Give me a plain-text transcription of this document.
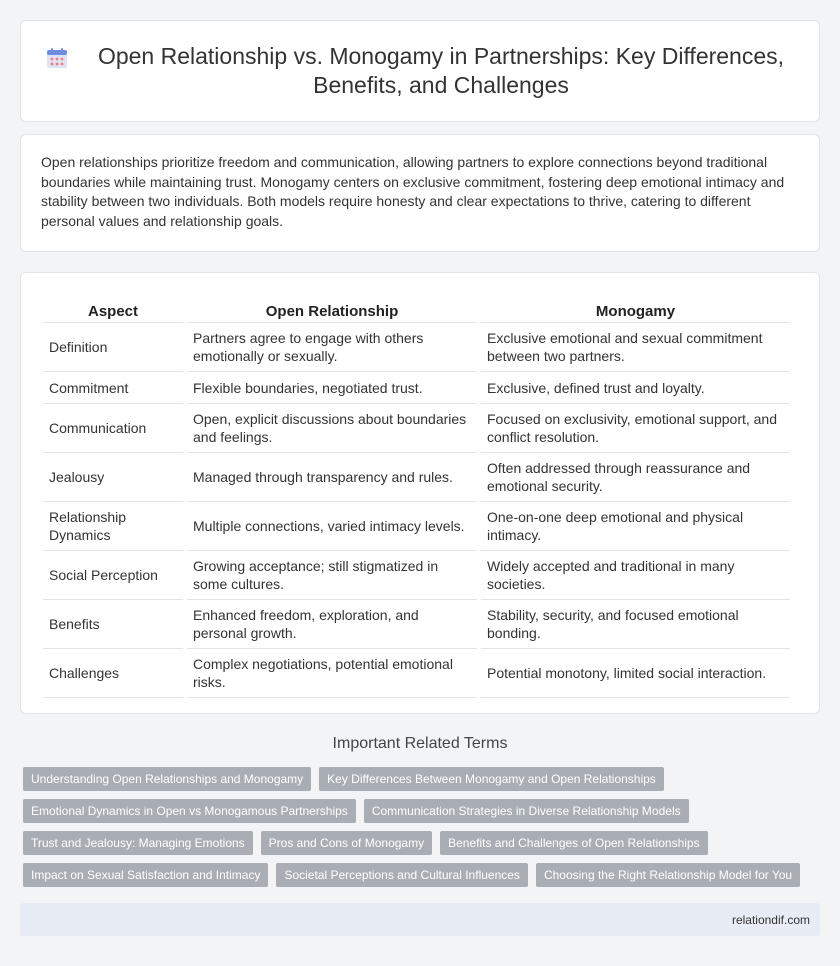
Open Relationship vs. Monogamy in Partnerships: Key Differences, Benefits, and Challenges

Open relationships prioritize freedom and communication, allowing partners to explore connections beyond traditional boundaries while maintaining trust. Monogamy centers on exclusive commitment, fostering deep emotional intimacy and stability between two individuals. Both models require honesty and clear expectations to thrive, catering to different personal values and relationship goals.

Aspect	Open Relationship	Monogamy
Definition	Partners agree to engage with others emotionally or sexually.	Exclusive emotional and sexual commitment between two partners.
Commitment	Flexible boundaries, negotiated trust.	Exclusive, defined trust and loyalty.
Communication	Open, explicit discussions about boundaries and feelings.	Focused on exclusivity, emotional support, and conflict resolution.
Jealousy	Managed through transparency and rules.	Often addressed through reassurance and emotional security.
Relationship Dynamics	Multiple connections, varied intimacy levels.	One-on-one deep emotional and physical intimacy.
Social Perception	Growing acceptance; still stigmatized in some cultures.	Widely accepted and traditional in many societies.
Benefits	Enhanced freedom, exploration, and personal growth.	Stability, security, and focused emotional bonding.
Challenges	Complex negotiations, potential emotional risks.	Potential monotony, limited social interaction.
Important Related Terms
Understanding Open Relationships and Monogamy	Key Differences Between Monogamy and Open Relationships
Emotional Dynamics in Open vs Monogamous Partnerships	Communication Strategies in Diverse Relationship Models
Trust and Jealousy: Managing Emotions	Pros and Cons of Monogamy	Benefits and Challenges of Open Relationships
Impact on Sexual Satisfaction and Intimacy	Societal Perceptions and Cultural Influences	Choosing the Right Relationship Model for You
relationdif.com
